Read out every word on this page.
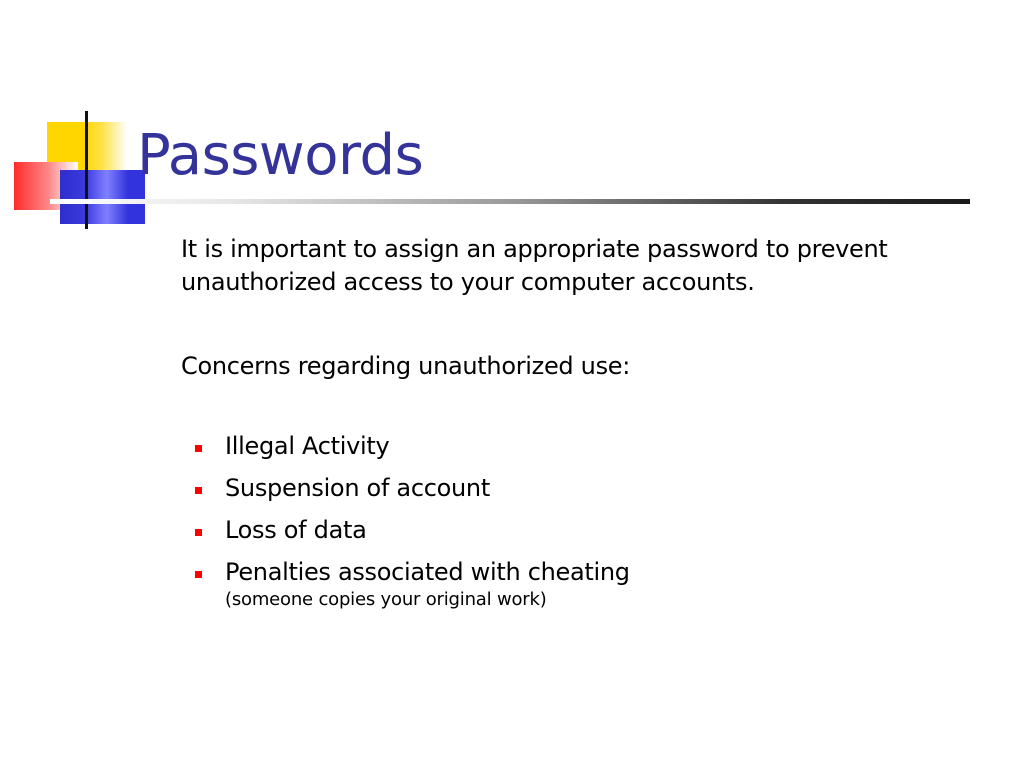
Passwords

It is important to assign an appropriate password to prevent unauthorized access to your computer accounts.

Concerns regarding unauthorized use:

Illegal Activity
Suspension of account
Loss of data
Penalties associated with cheating
(someone copies your original work)
